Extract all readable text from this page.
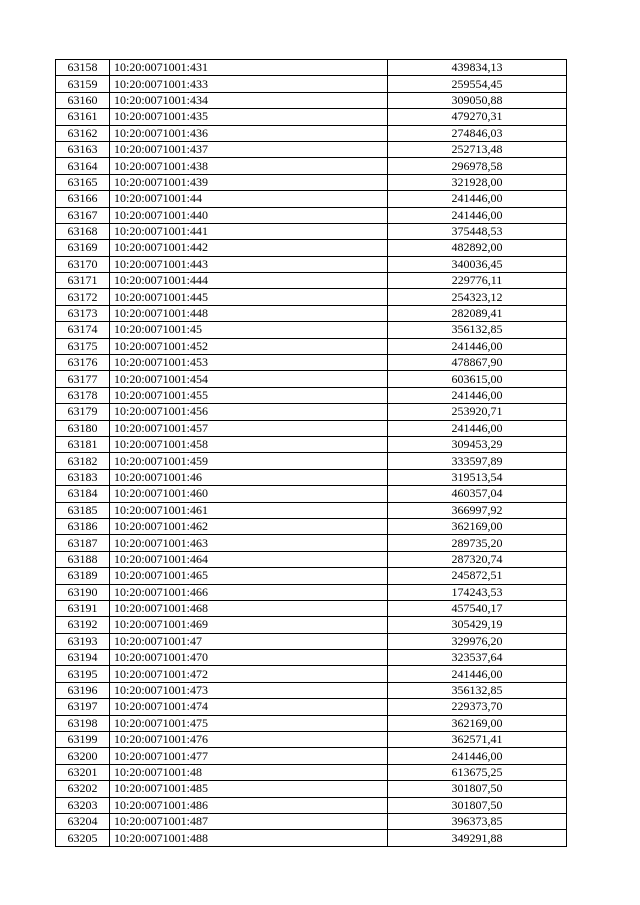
63158	10:20:0071001:431	439834,13
63159	10:20:0071001:433	259554,45
63160	10:20:0071001:434	309050,88
63161	10:20:0071001:435	479270,31
63162	10:20:0071001:436	274846,03
63163	10:20:0071001:437	252713,48
63164	10:20:0071001:438	296978,58
63165	10:20:0071001:439	321928,00
63166	10:20:0071001:44	241446,00
63167	10:20:0071001:440	241446,00
63168	10:20:0071001:441	375448,53
63169	10:20:0071001:442	482892,00
63170	10:20:0071001:443	340036,45
63171	10:20:0071001:444	229776,11
63172	10:20:0071001:445	254323,12
63173	10:20:0071001:448	282089,41
63174	10:20:0071001:45	356132,85
63175	10:20:0071001:452	241446,00
63176	10:20:0071001:453	478867,90
63177	10:20:0071001:454	603615,00
63178	10:20:0071001:455	241446,00
63179	10:20:0071001:456	253920,71
63180	10:20:0071001:457	241446,00
63181	10:20:0071001:458	309453,29
63182	10:20:0071001:459	333597,89
63183	10:20:0071001:46	319513,54
63184	10:20:0071001:460	460357,04
63185	10:20:0071001:461	366997,92
63186	10:20:0071001:462	362169,00
63187	10:20:0071001:463	289735,20
63188	10:20:0071001:464	287320,74
63189	10:20:0071001:465	245872,51
63190	10:20:0071001:466	174243,53
63191	10:20:0071001:468	457540,17
63192	10:20:0071001:469	305429,19
63193	10:20:0071001:47	329976,20
63194	10:20:0071001:470	323537,64
63195	10:20:0071001:472	241446,00
63196	10:20:0071001:473	356132,85
63197	10:20:0071001:474	229373,70
63198	10:20:0071001:475	362169,00
63199	10:20:0071001:476	362571,41
63200	10:20:0071001:477	241446,00
63201	10:20:0071001:48	613675,25
63202	10:20:0071001:485	301807,50
63203	10:20:0071001:486	301807,50
63204	10:20:0071001:487	396373,85
63205	10:20:0071001:488	349291,88
